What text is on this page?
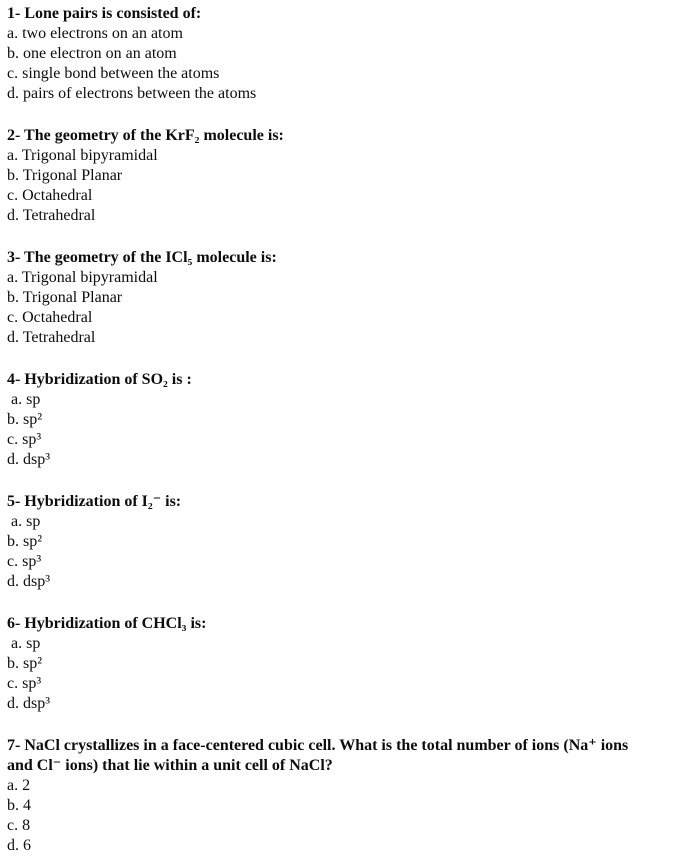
1- Lone pairs is consisted of:
a. two electrons on an atom
b. one electron on an atom
c. single bond between the atoms
d. pairs of electrons between the atoms
2- The geometry of the KrF₂ molecule is:
a. Trigonal bipyramidal
b. Trigonal Planar
c. Octahedral
d. Tetrahedral
3- The geometry of the ICl₅ molecule is:
a. Trigonal bipyramidal
b. Trigonal Planar
c. Octahedral
d. Tetrahedral
4- Hybridization of SO₂ is :
a. sp
b. sp²
c. sp³
d. dsp³
5- Hybridization of I₂⁻ is:
a. sp
b. sp²
c. sp³
d. dsp³
6- Hybridization of CHCl₃ is:
a. sp
b. sp²
c. sp³
d. dsp³
7- NaCl crystallizes in a face-centered cubic cell. What is the total number of ions (Na⁺ ions
and Cl⁻ ions) that lie within a unit cell of NaCl?
a. 2
b. 4
c. 8
d. 6
